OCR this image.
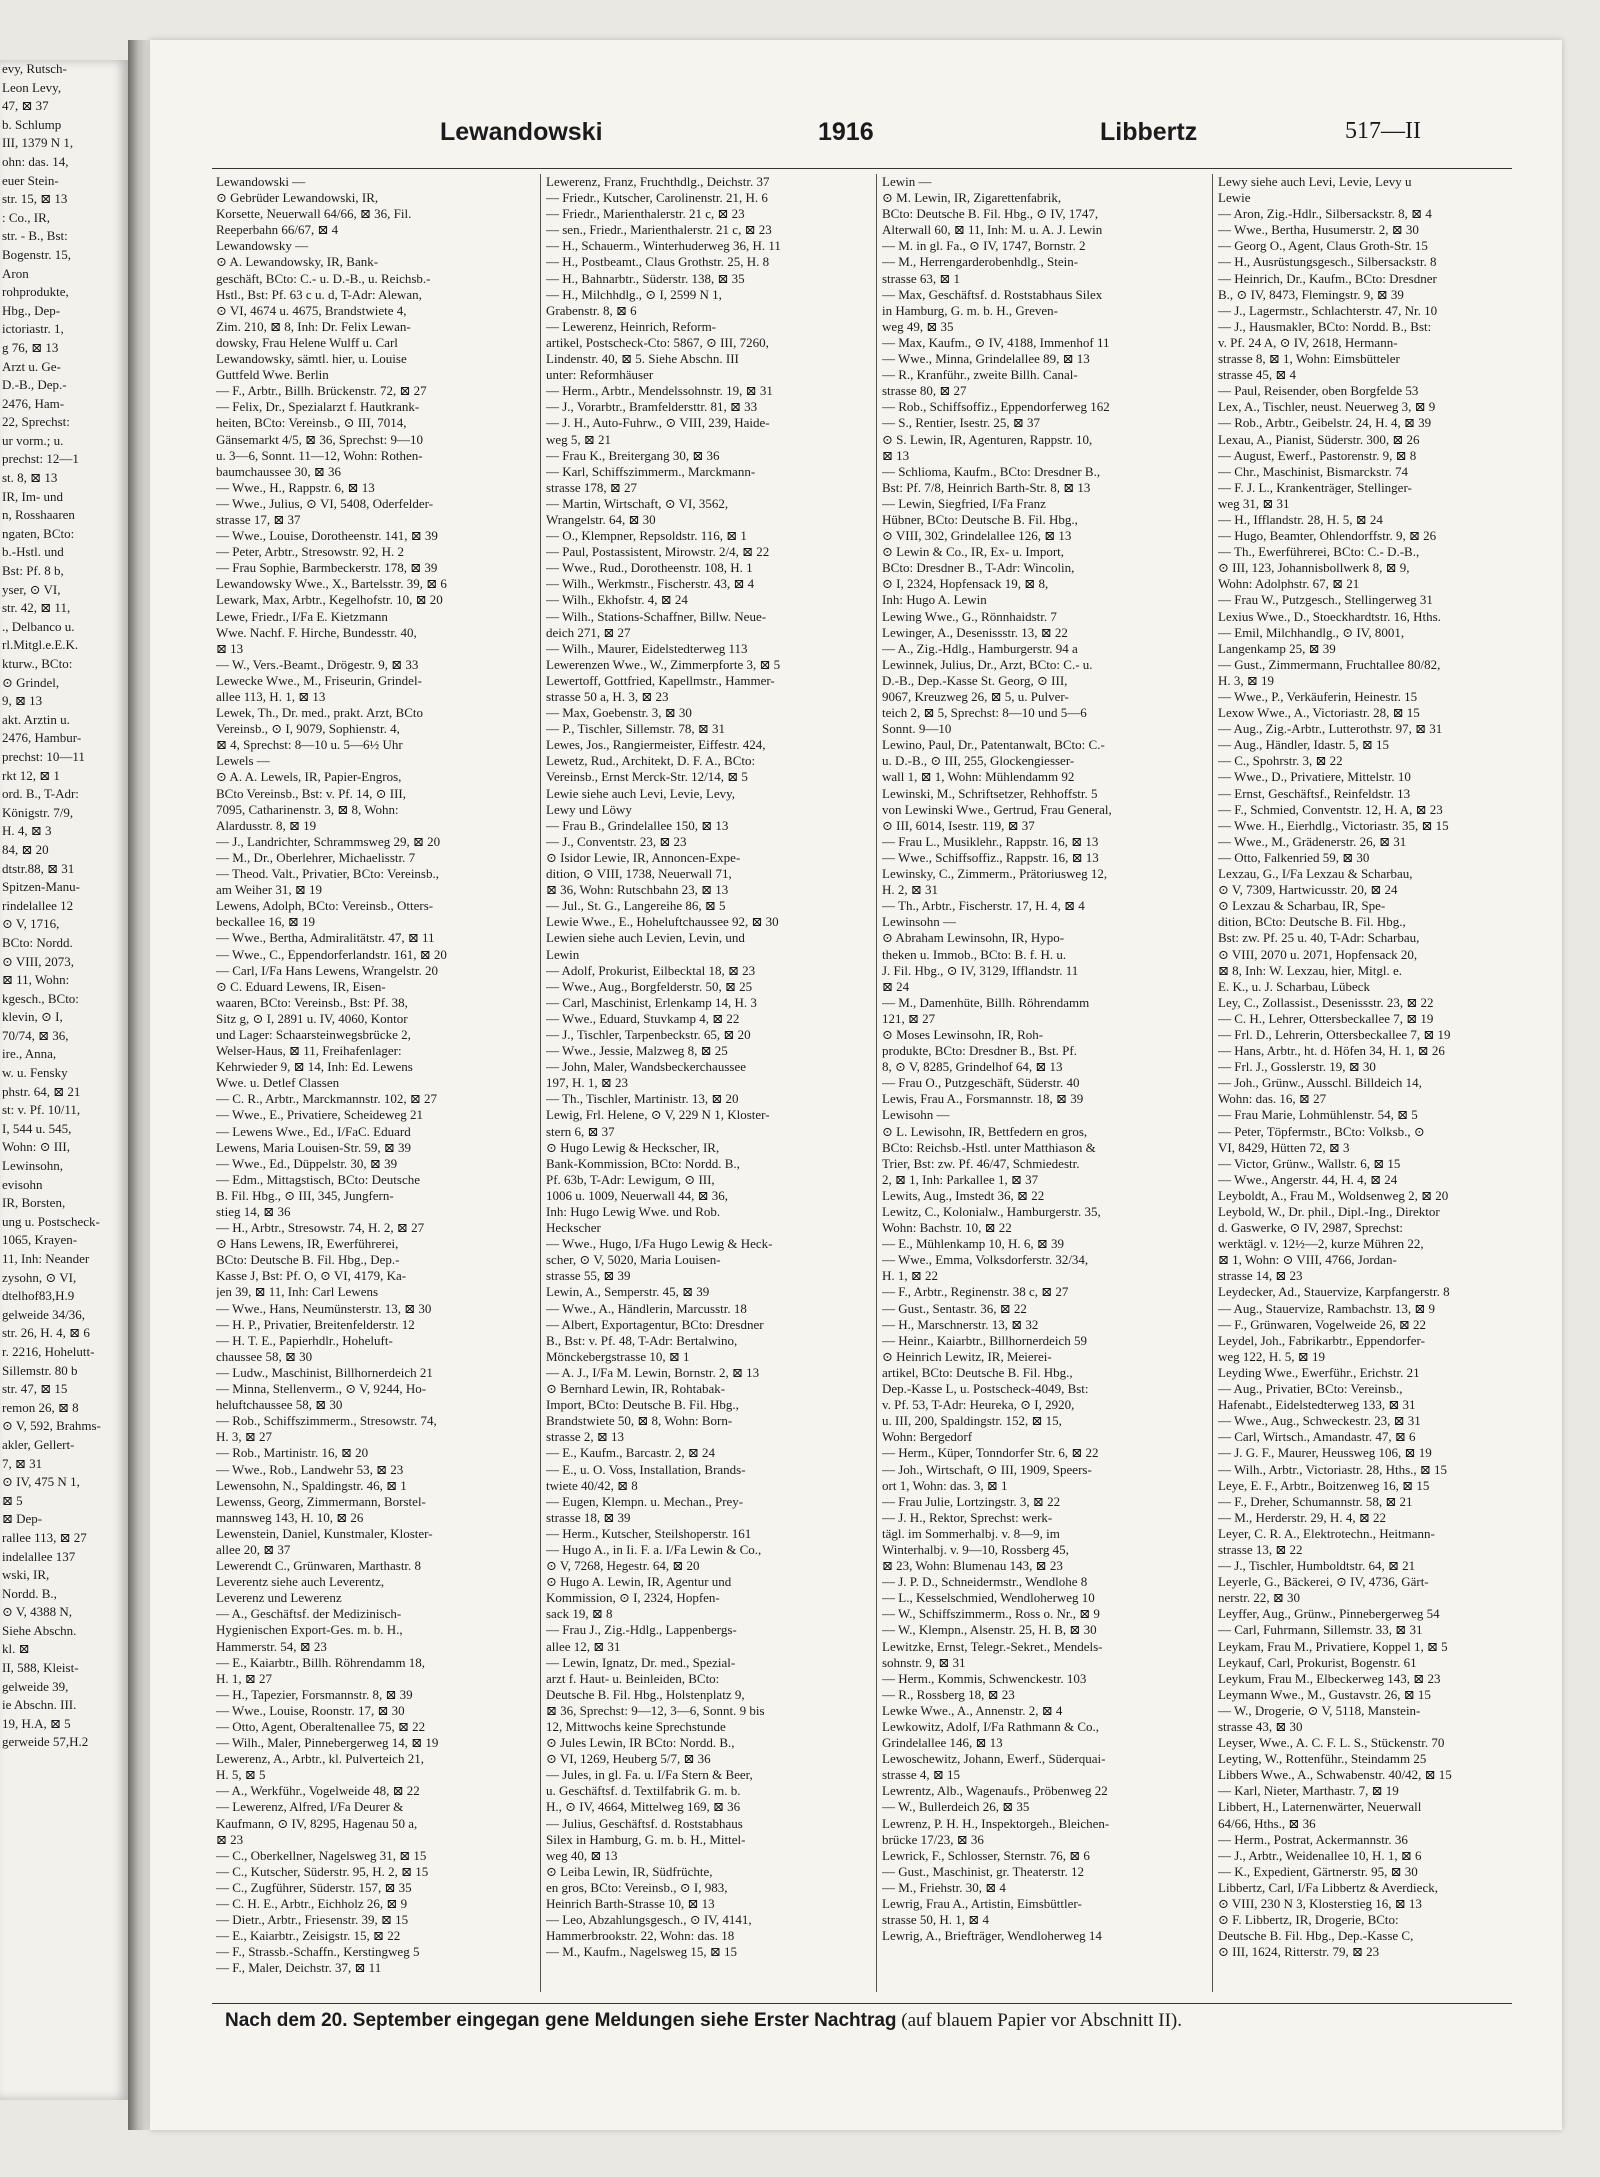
evy, Rutsch-
Leon Levy,
47, ⊠ 37
b. Schlump
III, 1379 N 1,
ohn: das. 14,
euer Stein-
str. 15, ⊠ 13
: Co., IR,
str. - B., Bst:
Bogenstr. 15,
Aron
rohprodukte,
Hbg., Dep-
ictoriastr. 1,
g 76, ⊠ 13
Arzt u. Ge-
D.-B., Dep.-
2476, Ham-
22, Sprechst:
ur vorm.; u.
prechst: 12—1
st. 8, ⊠ 13
IR, Im- und
n, Rosshaaren
ngaten, BCto:
b.-Hstl. und
Bst: Pf. 8 b,
yser, ⊙ VI,
str. 42, ⊠ 11,
., Delbanco u.
rl.Mitgl.e.E.K.
kturw., BCto:
⊙ Grindel,
9, ⊠ 13
akt. Arztin u.
2476, Hambur-
prechst: 10—11
rkt 12, ⊠ 1
ord. B., T-Adr:
Königstr. 7/9,
H. 4, ⊠ 3
84, ⊠ 20
dtstr.88, ⊠ 31
Spitzen-Manu-
rindelallee 12
⊙ V, 1716,
BCto: Nordd.
⊙ VIII, 2073,
⊠ 11, Wohn:
kgesch., BCto:
klevin, ⊙ I,
70/74, ⊠ 36,
ire., Anna,
w. u. Fensky
phstr. 64, ⊠ 21
st: v. Pf. 10/11,
I, 544 u. 545,
Wohn: ⊙ III,
Lewinsohn,
evisohn
IR, Borsten,
ung u. Postscheck-
1065, Krayen-
11, Inh: Neander
zysohn, ⊙ VI,
dtelhof83,H.9
gelweide 34/36,
str. 26, H. 4, ⊠ 6
r. 2216, Hohelutt-
Sillemstr. 80 b
str. 47, ⊠ 15
remon 26, ⊠ 8
⊙ V, 592, Brahms-
akler, Gellert-
7, ⊠ 31
⊙ IV, 475 N 1,
⊠ 5
⊠ Dep-
rallee 113, ⊠ 27
indelallee 137
wski, IR,
Nordd. B.,
⊙ V, 4388 N,
Siehe Abschn.
kl. ⊠
II, 588, Kleist-
gelweide 39,
ie Abschn. III.
19, H.A, ⊠ 5
gerweide 57,H.2
Lewandowski	1916	Libbertz	517—II
Lewandowski —
⊙ Gebrüder Lewandowski, IR,
Korsette, Neuerwall 64/66, ⊠ 36, Fil.
Reeperbahn 66/67, ⊠ 4
Lewandowsky —
⊙ A. Lewandowsky, IR, Bank-
geschäft, BCto: C.- u. D.-B., u. Reichsb.-
Hstl., Bst: Pf. 63 c u. d, T-Adr: Alewan,
⊙ VI, 4674 u. 4675, Brandstwiete 4,
Zim. 210, ⊠ 8, Inh: Dr. Felix Lewan-
dowsky, Frau Helene Wulff u. Carl
Lewandowsky, sämtl. hier, u. Louise
Guttfeld Wwe. Berlin
— F., Arbtr., Billh. Brückenstr. 72, ⊠ 27
— Felix, Dr., Spezialarzt f. Hautkrank-
heiten, BCto: Vereinsb., ⊙ III, 7014,
Gänsemarkt 4/5, ⊠ 36, Sprechst: 9—10
u. 3—6, Sonnt. 11—12, Wohn: Rothen-
baumchaussee 30, ⊠ 36
— Wwe., H., Rappstr. 6, ⊠ 13
— Wwe., Julius, ⊙ VI, 5408, Oderfelder-
strasse 17, ⊠ 37
— Wwe., Louise, Dorotheenstr. 141, ⊠ 39
— Peter, Arbtr., Stresowstr. 92, H. 2
— Frau Sophie, Barmbeckerstr. 178, ⊠ 39
Lewandowsky Wwe., X., Bartelsstr. 39, ⊠ 6
Lewark, Max, Arbtr., Kegelhofstr. 10, ⊠ 20
Lewe, Friedr., I/Fa E. Kietzmann
Wwe. Nachf. F. Hirche, Bundesstr. 40,
⊠ 13
— W., Vers.-Beamt., Drögestr. 9, ⊠ 33
Lewecke Wwe., M., Friseurin, Grindel-
allee 113, H. 1, ⊠ 13
Lewek, Th., Dr. med., prakt. Arzt, BCto
Vereinsb., ⊙ I, 9079, Sophienstr. 4,
⊠ 4, Sprechst: 8—10 u. 5—6½ Uhr
Lewels —
⊙ A. A. Lewels, IR, Papier-Engros,
BCto Vereinsb., Bst: v. Pf. 14, ⊙ III,
7095, Catharinenstr. 3, ⊠ 8, Wohn:
Alardusstr. 8, ⊠ 19
— J., Landrichter, Schrammsweg 29, ⊠ 20
— M., Dr., Oberlehrer, Michaelisstr. 7
— Theod. Valt., Privatier, BCto: Vereinsb.,
am Weiher 31, ⊠ 19
Lewens, Adolph, BCto: Vereinsb., Otters-
beckallee 16, ⊠ 19
— Wwe., Bertha, Admiralitätstr. 47, ⊠ 11
— Wwe., C., Eppendorferlandstr. 161, ⊠ 20
— Carl, I/Fa Hans Lewens, Wrangelstr. 20
⊙ C. Eduard Lewens, IR, Eisen-
waaren, BCto: Vereinsb., Bst: Pf. 38,
Sitz g, ⊙ I, 2891 u. IV, 4060, Kontor
und Lager: Schaarsteinwegsbrücke 2,
Welser-Haus, ⊠ 11, Freihafenlager:
Kehrwieder 9, ⊠ 14, Inh: Ed. Lewens
Wwe. u. Detlef Classen
— C. R., Arbtr., Marckmannstr. 102, ⊠ 27
— Wwe., E., Privatiere, Scheideweg 21
— Lewens Wwe., Ed., I/FaC. Eduard
Lewens, Maria Louisen-Str. 59, ⊠ 39
— Wwe., Ed., Düppelstr. 30, ⊠ 39
— Edm., Mittagstisch, BCto: Deutsche
B. Fil. Hbg., ⊙ III, 345, Jungfern-
stieg 14, ⊠ 36
— H., Arbtr., Stresowstr. 74, H. 2, ⊠ 27
⊙ Hans Lewens, IR, Ewerführerei,
BCto: Deutsche B. Fil. Hbg., Dep.-
Kasse J, Bst: Pf. O, ⊙ VI, 4179, Ka-
jen 39, ⊠ 11, Inh: Carl Lewens
— Wwe., Hans, Neumünsterstr. 13, ⊠ 30
— H. P., Privatier, Breitenfelderstr. 12
— H. T. E., Papierhdlr., Hoheluft-
chaussee 58, ⊠ 30
— Ludw., Maschinist, Billhornerdeich 21
— Minna, Stellenverm., ⊙ V, 9244, Ho-
heluftchaussee 58, ⊠ 30
— Rob., Schiffszimmerm., Stresowstr. 74,
H. 3, ⊠ 27
— Rob., Martinistr. 16, ⊠ 20
— Wwe., Rob., Landwehr 53, ⊠ 23
Lewensohn, N., Spaldingstr. 46, ⊠ 1
Lewenss, Georg, Zimmermann, Borstel-
mannsweg 143, H. 10, ⊠ 26
Lewenstein, Daniel, Kunstmaler, Kloster-
allee 20, ⊠ 37
Lewerendt C., Grünwaren, Marthastr. 8
Leverentz siehe auch Leverentz,
Leverenz und Lewerenz
— A., Geschäftsf. der Medizinisch-
Hygienischen Export-Ges. m. b. H.,
Hammerstr. 54, ⊠ 23
— E., Kaiarbtr., Billh. Röhrendamm 18,
H. 1, ⊠ 27
— H., Tapezier, Forsmannstr. 8, ⊠ 39
— Wwe., Louise, Roonstr. 17, ⊠ 30
— Otto, Agent, Oberaltenallee 75, ⊠ 22
— Wilh., Maler, Pinnebergerweg 14, ⊠ 19
Lewerenz, A., Arbtr., kl. Pulverteich 21,
H. 5, ⊠ 5
— A., Werkführ., Vogelweide 48, ⊠ 22
— Lewerenz, Alfred, I/Fa Deurer &
Kaufmann, ⊙ IV, 8295, Hagenau 50 a,
⊠ 23
— C., Oberkellner, Nagelsweg 31, ⊠ 15
— C., Kutscher, Süderstr. 95, H. 2, ⊠ 15
— C., Zugführer, Süderstr. 157, ⊠ 35
— C. H. E., Arbtr., Eichholz 26, ⊠ 9
— Dietr., Arbtr., Friesenstr. 39, ⊠ 15
— E., Kaiarbtr., Zeisigstr. 15, ⊠ 22
— F., Strassb.-Schaffn., Kerstingweg 5
— F., Maler, Deichstr. 37, ⊠ 11
Lewerenz, Franz, Fruchthdlg., Deichstr. 37
— Friedr., Kutscher, Carolinenstr. 21, H. 6
— Friedr., Marienthalerstr. 21 c, ⊠ 23
— sen., Friedr., Marienthalerstr. 21 c, ⊠ 23
— H., Schauerm., Winterhuderweg 36, H. 11
— H., Postbeamt., Claus Grothstr. 25, H. 8
— H., Bahnarbtr., Süderstr. 138, ⊠ 35
— H., Milchhdlg., ⊙ I, 2599 N 1,
Grabenstr. 8, ⊠ 6
— Lewerenz, Heinrich, Reform-
artikel, Postscheck-Cto: 5867, ⊙ III, 7260,
Lindenstr. 40, ⊠ 5. Siehe Abschn. III
unter: Reformhäuser
— Herm., Arbtr., Mendelssohnstr. 19, ⊠ 31
— J., Vorarbtr., Bramfeldersttr. 81, ⊠ 33
— J. H., Auto-Fuhrw., ⊙ VIII, 239, Haide-
weg 5, ⊠ 21
— Frau K., Breitergang 30, ⊠ 36
— Karl, Schiffszimmerm., Marckmann-
strasse 178, ⊠ 27
— Martin, Wirtschaft, ⊙ VI, 3562,
Wrangelstr. 64, ⊠ 30
— O., Klempner, Repsoldstr. 116, ⊠ 1
— Paul, Postassistent, Mirowstr. 2/4, ⊠ 22
— Wwe., Rud., Dorotheenstr. 108, H. 1
— Wilh., Werkmstr., Fischerstr. 43, ⊠ 4
— Wilh., Ekhofstr. 4, ⊠ 24
— Wilh., Stations-Schaffner, Billw. Neue-
deich 271, ⊠ 27
— Wilh., Maurer, Eidelstedterweg 113
Lewerenzen Wwe., W., Zimmerpforte 3, ⊠ 5
Lewertoff, Gottfried, Kapellmstr., Hammer-
strasse 50 a, H. 3, ⊠ 23
— Max, Goebenstr. 3, ⊠ 30
— P., Tischler, Sillemstr. 78, ⊠ 31
Lewes, Jos., Rangiermeister, Eiffestr. 424,
Lewetz, Rud., Architekt, D. F. A., BCto:
Vereinsb., Ernst Merck-Str. 12/14, ⊠ 5
Lewie siehe auch Levi, Levie, Levy,
Lewy und Löwy
— Frau B., Grindelallee 150, ⊠ 13
— J., Conventstr. 23, ⊠ 23
⊙ Isidor Lewie, IR, Annoncen-Expe-
dition, ⊙ VIII, 1738, Neuerwall 71,
⊠ 36, Wohn: Rutschbahn 23, ⊠ 13
— Jul., St. G., Langereihe 86, ⊠ 5
Lewie Wwe., E., Hoheluftchaussee 92, ⊠ 30
Lewien siehe auch Levien, Levin, und
Lewin
— Adolf, Prokurist, Eilbecktal 18, ⊠ 23
— Wwe., Aug., Borgfelderstr. 50, ⊠ 25
— Carl, Maschinist, Erlenkamp 14, H. 3
— Wwe., Eduard, Stuvkamp 4, ⊠ 22
— J., Tischler, Tarpenbeckstr. 65, ⊠ 20
— Wwe., Jessie, Malzweg 8, ⊠ 25
— John, Maler, Wandsbeckerchaussee
197, H. 1, ⊠ 23
— Th., Tischler, Martinistr. 13, ⊠ 20
Lewig, Frl. Helene, ⊙ V, 229 N 1, Kloster-
stern 6, ⊠ 37
⊙ Hugo Lewig & Heckscher, IR,
Bank-Kommission, BCto: Nordd. B.,
Pf. 63b, T-Adr: Lewigum, ⊙ III,
1006 u. 1009, Neuerwall 44, ⊠ 36,
Inh: Hugo Lewig Wwe. und Rob.
Heckscher
— Wwe., Hugo, I/Fa Hugo Lewig & Heck-
scher, ⊙ V, 5020, Maria Louisen-
strasse 55, ⊠ 39
Lewin, A., Semperstr. 45, ⊠ 39
— Wwe., A., Händlerin, Marcusstr. 18
— Albert, Exportagentur, BCto: Dresdner
B., Bst: v. Pf. 48, T-Adr: Bertalwino,
Mönckebergstrasse 10, ⊠ 1
— A. J., I/Fa M. Lewin, Bornstr. 2, ⊠ 13
⊙ Bernhard Lewin, IR, Rohtabak-
Import, BCto: Deutsche B. Fil. Hbg.,
Brandstwiete 50, ⊠ 8, Wohn: Born-
strasse 2, ⊠ 13
— E., Kaufm., Barcastr. 2, ⊠ 24
— E., u. O. Voss, Installation, Brands-
twiete 40/42, ⊠ 8
— Eugen, Klempn. u. Mechan., Prey-
strasse 18, ⊠ 39
— Herm., Kutscher, Steilshoperstr. 161
— Hugo A., in Ii. F. a. I/Fa Lewin & Co.,
⊙ V, 7268, Hegestr. 64, ⊠ 20
⊙ Hugo A. Lewin, IR, Agentur und
Kommission, ⊙ I, 2324, Hopfen-
sack 19, ⊠ 8
— Frau J., Zig.-Hdlg., Lappenbergs-
allee 12, ⊠ 31
— Lewin, Ignatz, Dr. med., Spezial-
arzt f. Haut- u. Beinleiden, BCto:
Deutsche B. Fil. Hbg., Holstenplatz 9,
⊠ 36, Sprechst: 9—12, 3—6, Sonnt. 9 bis
12, Mittwochs keine Sprechstunde
⊙ Jules Lewin, IR BCto: Nordd. B.,
⊙ VI, 1269, Heuberg 5/7, ⊠ 36
— Jules, in gl. Fa. u. I/Fa Stern & Beer,
u. Geschäftsf. d. Textilfabrik G. m. b.
H., ⊙ IV, 4664, Mittelweg 169, ⊠ 36
— Julius, Geschäftsf. d. Roststabhaus
Silex in Hamburg, G. m. b. H., Mittel-
weg 40, ⊠ 13
⊙ Leiba Lewin, IR, Südfrüchte,
en gros, BCto: Vereinsb., ⊙ I, 983,
Heinrich Barth-Strasse 10, ⊠ 13
— Leo, Abzahlungsgesch., ⊙ IV, 4141,
Hammerbrookstr. 22, Wohn: das. 18
— M., Kaufm., Nagelsweg 15, ⊠ 15
Lewin —
⊙ M. Lewin, IR, Zigarettenfabrik,
BCto: Deutsche B. Fil. Hbg., ⊙ IV, 1747,
Alterwall 60, ⊠ 11, Inh: M. u. A. J. Lewin
— M. in gl. Fa., ⊙ IV, 1747, Bornstr. 2
— M., Herrengarderobenhdlg., Stein-
strasse 63, ⊠ 1
— Max, Geschäftsf. d. Roststabhaus Silex
in Hamburg, G. m. b. H., Greven-
weg 49, ⊠ 35
— Max, Kaufm., ⊙ IV, 4188, Immenhof 11
— Wwe., Minna, Grindelallee 89, ⊠ 13
— R., Kranführ., zweite Billh. Canal-
strasse 80, ⊠ 27
— Rob., Schiffsoffiz., Eppendorferweg 162
— S., Rentier, Isestr. 25, ⊠ 37
⊙ S. Lewin, IR, Agenturen, Rappstr. 10,
⊠ 13
— Schlioma, Kaufm., BCto: Dresdner B.,
Bst: Pf. 7/8, Heinrich Barth-Str. 8, ⊠ 13
— Lewin, Siegfried, I/Fa Franz
Hübner, BCto: Deutsche B. Fil. Hbg.,
⊙ VIII, 302, Grindelallee 126, ⊠ 13
⊙ Lewin & Co., IR, Ex- u. Import,
BCto: Dresdner B., T-Adr: Wincolin,
⊙ I, 2324, Hopfensack 19, ⊠ 8,
Inh: Hugo A. Lewin
Lewing Wwe., G., Rönnhaidstr. 7
Lewinger, A., Desenissstr. 13, ⊠ 22
— A., Zig.-Hdlg., Hamburgerstr. 94 a
Lewinnek, Julius, Dr., Arzt, BCto: C.- u.
D.-B., Dep.-Kasse St. Georg, ⊙ III,
9067, Kreuzweg 26, ⊠ 5, u. Pulver-
teich 2, ⊠ 5, Sprechst: 8—10 und 5—6
Sonnt. 9—10
Lewino, Paul, Dr., Patentanwalt, BCto: C.-
u. D.-B., ⊙ III, 255, Glockengiesser-
wall 1, ⊠ 1, Wohn: Mühlendamm 92
Lewinski, M., Schriftsetzer, Rehhoffstr. 5
von Lewinski Wwe., Gertrud, Frau General,
⊙ III, 6014, Isestr. 119, ⊠ 37
— Frau L., Musiklehr., Rappstr. 16, ⊠ 13
— Wwe., Schiffsoffiz., Rappstr. 16, ⊠ 13
Lewinsky, C., Zimmerm., Prätoriusweg 12,
H. 2, ⊠ 31
— Th., Arbtr., Fischerstr. 17, H. 4, ⊠ 4
Lewinsohn —
⊙ Abraham Lewinsohn, IR, Hypo-
theken u. Immob., BCto: B. f. H. u.
J. Fil. Hbg., ⊙ IV, 3129, Ifflandstr. 11
⊠ 24
— M., Damenhüte, Billh. Röhrendamm
121, ⊠ 27
⊙ Moses Lewinsohn, IR, Roh-
produkte, BCto: Dresdner B., Bst. Pf.
8, ⊙ V, 8285, Grindelhof 64, ⊠ 13
— Frau O., Putzgeschäft, Süderstr. 40
Lewis, Frau A., Forsmannstr. 18, ⊠ 39
Lewisohn —
⊙ L. Lewisohn, IR, Bettfedern en gros,
BCto: Reichsb.-Hstl. unter Matthiason &
Trier, Bst: zw. Pf. 46/47, Schmiedestr.
2, ⊠ 1, Inh: Parkallee 1, ⊠ 37
Lewits, Aug., Imstedt 36, ⊠ 22
Lewitz, C., Kolonialw., Hamburgerstr. 35,
Wohn: Bachstr. 10, ⊠ 22
— E., Mühlenkamp 10, H. 6, ⊠ 39
— Wwe., Emma, Volksdorferstr. 32/34,
H. 1, ⊠ 22
— F., Arbtr., Reginenstr. 38 c, ⊠ 27
— Gust., Sentastr. 36, ⊠ 22
— H., Marschnerstr. 13, ⊠ 32
— Heinr., Kaiarbtr., Billhornerdeich 59
⊙ Heinrich Lewitz, IR, Meierei-
artikel, BCto: Deutsche B. Fil. Hbg.,
Dep.-Kasse L, u. Postscheck-4049, Bst:
v. Pf. 53, T-Adr: Heureka, ⊙ I, 2920,
u. III, 200, Spaldingstr. 152, ⊠ 15,
Wohn: Bergedorf
— Herm., Küper, Tonndorfer Str. 6, ⊠ 22
— Joh., Wirtschaft, ⊙ III, 1909, Speers-
ort 1, Wohn: das. 3, ⊠ 1
— Frau Julie, Lortzingstr. 3, ⊠ 22
— J. H., Rektor, Sprechst: werk-
tägl. im Sommerhalbj. v. 8—9, im
Winterhalbj. v. 9—10, Rossberg 45,
⊠ 23, Wohn: Blumenau 143, ⊠ 23
— J. P. D., Schneidermstr., Wendlohe 8
— L., Kesselschmied, Wendloherweg 10
— W., Schiffszimmerm., Ross o. Nr., ⊠ 9
— W., Klempn., Alsenstr. 25, H. B, ⊠ 30
Lewitzke, Ernst, Telegr.-Sekret., Mendels-
sohnstr. 9, ⊠ 31
— Herm., Kommis, Schwenckestr. 103
— R., Rossberg 18, ⊠ 23
Lewke Wwe., A., Annenstr. 2, ⊠ 4
Lewkowitz, Adolf, I/Fa Rathmann & Co.,
Grindelallee 146, ⊠ 13
Lewoschewitz, Johann, Ewerf., Süderquai-
strasse 4, ⊠ 15
Lewrentz, Alb., Wagenaufs., Pröbenweg 22
— W., Bullerdeich 26, ⊠ 35
Lewrenz, P. H. H., Inspektorgeh., Bleichen-
brücke 17/23, ⊠ 36
Lewrick, F., Schlosser, Sternstr. 76, ⊠ 6
— Gust., Maschinist, gr. Theaterstr. 12
— M., Friehstr. 30, ⊠ 4
Lewrig, Frau A., Artistin, Eimsbüttler-
strasse 50, H. 1, ⊠ 4
Lewrig, A., Briefträger, Wendloherweg 14
Lewy siehe auch Levi, Levie, Levy u
Lewie
— Aron, Zig.-Hdlr., Silbersackstr. 8, ⊠ 4
— Wwe., Bertha, Husumerstr. 2, ⊠ 30
— Georg O., Agent, Claus Groth-Str. 15
— H., Ausrüstungsgesch., Silbersackstr. 8
— Heinrich, Dr., Kaufm., BCto: Dresdner
B., ⊙ IV, 8473, Flemingstr. 9, ⊠ 39
— J., Lagermstr., Schlachterstr. 47, Nr. 10
— J., Hausmakler, BCto: Nordd. B., Bst:
v. Pf. 24 A, ⊙ IV, 2618, Hermann-
strasse 8, ⊠ 1, Wohn: Eimsbütteler
strasse 45, ⊠ 4
— Paul, Reisender, oben Borgfelde 53
Lex, A., Tischler, neust. Neuerweg 3, ⊠ 9
— Rob., Arbtr., Geibelstr. 24, H. 4, ⊠ 39
Lexau, A., Pianist, Süderstr. 300, ⊠ 26
— August, Ewerf., Pastorenstr. 9, ⊠ 8
— Chr., Maschinist, Bismarckstr. 74
— F. J. L., Krankenträger, Stellinger-
weg 31, ⊠ 31
— H., Ifflandstr. 28, H. 5, ⊠ 24
— Hugo, Beamter, Ohlendorffstr. 9, ⊠ 26
— Th., Ewerführerei, BCto: C.- D.-B.,
⊙ III, 123, Johannisbollwerk 8, ⊠ 9,
Wohn: Adolphstr. 67, ⊠ 21
— Frau W., Putzgesch., Stellingerweg 31
Lexius Wwe., D., Stoeckhardtstr. 16, Hths.
— Emil, Milchhandlg., ⊙ IV, 8001,
Langenkamp 25, ⊠ 39
— Gust., Zimmermann, Fruchtallee 80/82,
H. 3, ⊠ 19
— Wwe., P., Verkäuferin, Heinestr. 15
Lexow Wwe., A., Victoriastr. 28, ⊠ 15
— Aug., Zig.-Arbtr., Lutterothstr. 97, ⊠ 31
— Aug., Händler, Idastr. 5, ⊠ 15
— C., Spohrstr. 3, ⊠ 22
— Wwe., D., Privatiere, Mittelstr. 10
— Ernst, Geschäftsf., Reinfeldstr. 13
— F., Schmied, Conventstr. 12, H. A, ⊠ 23
— Wwe. H., Eierhdlg., Victoriastr. 35, ⊠ 15
— Wwe., M., Grädenerstr. 26, ⊠ 31
— Otto, Falkenried 59, ⊠ 30
Lexzau, G., I/Fa Lexzau & Scharbau,
⊙ V, 7309, Hartwicusstr. 20, ⊠ 24
⊙ Lexzau & Scharbau, IR, Spe-
dition, BCto: Deutsche B. Fil. Hbg.,
Bst: zw. Pf. 25 u. 40, T-Adr: Scharbau,
⊙ VIII, 2070 u. 2071, Hopfensack 20,
⊠ 8, Inh: W. Lexzau, hier, Mitgl. e.
E. K., u. J. Scharbau, Lübeck
Ley, C., Zollassist., Desenissstr. 23, ⊠ 22
— C. H., Lehrer, Ottersbeckallee 7, ⊠ 19
— Frl. D., Lehrerin, Ottersbeckallee 7, ⊠ 19
— Hans, Arbtr., ht. d. Höfen 34, H. 1, ⊠ 26
— Frl. J., Gosslerstr. 19, ⊠ 30
— Joh., Grünw., Ausschl. Billdeich 14,
Wohn: das. 16, ⊠ 27
— Frau Marie, Lohmühlenstr. 54, ⊠ 5
— Peter, Töpfermstr., BCto: Volksb., ⊙
VI, 8429, Hütten 72, ⊠ 3
— Victor, Grünw., Wallstr. 6, ⊠ 15
— Wwe., Angerstr. 44, H. 4, ⊠ 24
Leyboldt, A., Frau M., Woldsenweg 2, ⊠ 20
Leybold, W., Dr. phil., Dipl.-Ing., Direktor
d. Gaswerke, ⊙ IV, 2987, Sprechst:
werktägl. v. 12½—2, kurze Mühren 22,
⊠ 1, Wohn: ⊙ VIII, 4766, Jordan-
strasse 14, ⊠ 23
Leydecker, Ad., Stauervize, Karpfangerstr. 8
— Aug., Stauervize, Rambachstr. 13, ⊠ 9
— F., Grünwaren, Vogelweide 26, ⊠ 22
Leydel, Joh., Fabrikarbtr., Eppendorfer-
weg 122, H. 5, ⊠ 19
Leyding Wwe., Ewerführ., Erichstr. 21
— Aug., Privatier, BCto: Vereinsb.,
Hafenabt., Eidelstedterweg 133, ⊠ 31
— Wwe., Aug., Schweckestr. 23, ⊠ 31
— Carl, Wirtsch., Amandastr. 47, ⊠ 6
— J. G. F., Maurer, Heussweg 106, ⊠ 19
— Wilh., Arbtr., Victoriastr. 28, Hths., ⊠ 15
Leye, E. F., Arbtr., Boitzenweg 16, ⊠ 15
— F., Dreher, Schumannstr. 58, ⊠ 21
— M., Herderstr. 29, H. 4, ⊠ 22
Leyer, C. R. A., Elektrotechn., Heitmann-
strasse 13, ⊠ 22
— J., Tischler, Humboldtstr. 64, ⊠ 21
Leyerle, G., Bäckerei, ⊙ IV, 4736, Gärt-
nerstr. 22, ⊠ 30
Leyffer, Aug., Grünw., Pinnebergerweg 54
— Carl, Fuhrmann, Sillemstr. 33, ⊠ 31
Leykam, Frau M., Privatiere, Koppel 1, ⊠ 5
Leykauf, Carl, Prokurist, Bogenstr. 61
Leykum, Frau M., Elbeckerweg 143, ⊠ 23
Leymann Wwe., M., Gustavstr. 26, ⊠ 15
— W., Drogerie, ⊙ V, 5118, Manstein-
strasse 43, ⊠ 30
Leyser, Wwe., A. C. F. L. S., Stückenstr. 70
Leyting, W., Rottenführ., Steindamm 25
Libbers Wwe., A., Schwabenstr. 40/42, ⊠ 15
— Karl, Nieter, Marthastr. 7, ⊠ 19
Libbert, H., Laternenwärter, Neuerwall
64/66, Hths., ⊠ 36
— Herm., Postrat, Ackermannstr. 36
— J., Arbtr., Weidenallee 10, H. 1, ⊠ 6
— K., Expedient, Gärtnerstr. 95, ⊠ 30
Libbertz, Carl, I/Fa Libbertz & Averdieck,
⊙ VIII, 230 N 3, Klosterstieg 16, ⊠ 13
⊙ F. Libbertz, IR, Drogerie, BCto:
Deutsche B. Fil. Hbg., Dep.-Kasse C,
⊙ III, 1624, Ritterstr. 79, ⊠ 23
Nach dem 20. September eingegan gene Meldungen siehe Erster Nachtrag (auf blauem Papier vor Abschnitt II).
